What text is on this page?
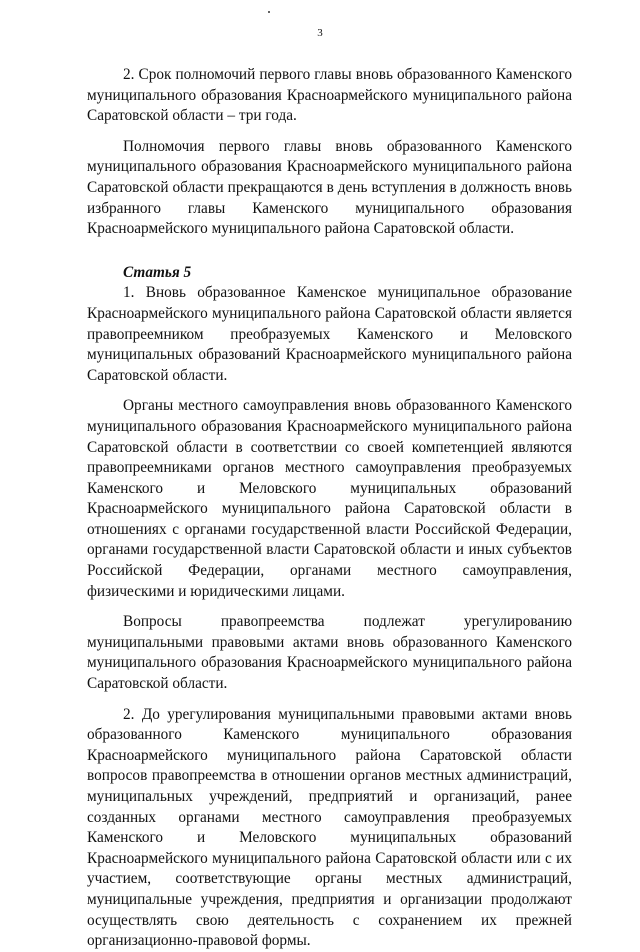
3

2. Срок полномочий первого главы вновь образованного Каменского муниципального образования Красноармейского муниципального района Саратовской области – три года.

Полномочия первого главы вновь образованного Каменского муниципального образования Красноармейского муниципального района Саратовской области прекращаются в день вступления в должность вновь избранного главы Каменского муниципального образования Красноармейского муниципального района Саратовской области.

Статья 5

1. Вновь образованное Каменское муниципальное образование Красноармейского муниципального района Саратовской области является правопреемником преобразуемых Каменского и Меловского муниципальных образований Красноармейского муниципального района Саратовской области.

Органы местного самоуправления вновь образованного Каменского муниципального образования Красноармейского муниципального района Саратовской области в соответствии со своей компетенцией являются правопреемниками органов местного самоуправления преобразуемых Каменского и Меловского муниципальных образований Красноармейского муниципального района Саратовской области в отношениях с органами государственной власти Российской Федерации, органами государственной власти Саратовской области и иных субъектов Российской Федерации, органами местного самоуправления, физическими и юридическими лицами.

Вопросы правопреемства подлежат урегулированию муниципальными правовыми актами вновь образованного Каменского муниципального образования Красноармейского муниципального района Саратовской области.

2. До урегулирования муниципальными правовыми актами вновь образованного Каменского муниципального образования Красноармейского муниципального района Саратовской области вопросов правопреемства в отношении органов местных администраций, муниципальных учреждений, предприятий и организаций, ранее созданных органами местного самоуправления преобразуемых Каменского и Меловского муниципальных образований Красноармейского муниципального района Саратовской области или с их участием, соответствующие органы местных администраций, муниципальные учреждения, предприятия и организации продолжают осуществлять свою деятельность с сохранением их прежней организационно-правовой формы.
